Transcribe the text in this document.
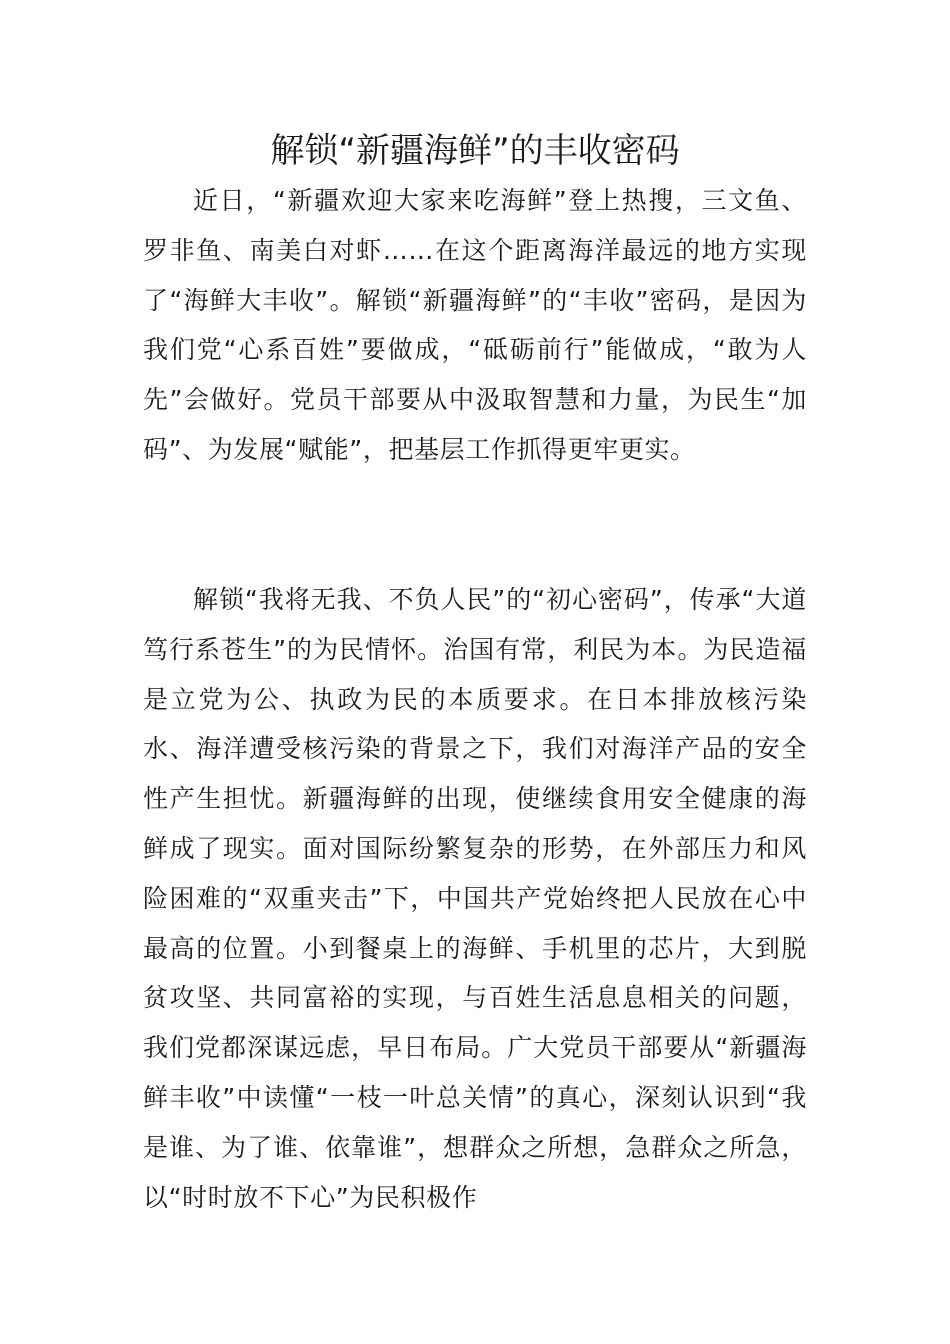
解锁“新疆海鲜”的丰收密码

近日，“新疆欢迎大家来吃海鲜”登上热搜，三文鱼、罗非鱼、南美白对虾……在这个距离海洋最远的地方实现了“海鲜大丰收”。解锁“新疆海鲜”的“丰收”密码，是因为我们党“心系百姓”要做成，“砥砺前行”能做成，“敢为人先”会做好。党员干部要从中汲取智慧和力量，为民生“加码”、为发展“赋能”，把基层工作抓得更牢更实。

解锁“我将无我、不负人民”的“初心密码”，传承“大道笃行系苍生”的为民情怀。治国有常，利民为本。为民造福是立党为公、执政为民的本质要求。在日本排放核污染水、海洋遭受核污染的背景之下，我们对海洋产品的安全性产生担忧。新疆海鲜的出现，使继续食用安全健康的海鲜成了现实。面对国际纷繁复杂的形势，在外部压力和风险困难的“双重夹击”下，中国共产党始终把人民放在心中最高的位置。小到餐桌上的海鲜、手机里的芯片，大到脱贫攻坚、共同富裕的实现，与百姓生活息息相关的问题，我们党都深谋远虑，早日布局。广大党员干部要从“新疆海鲜丰收”中读懂“一枝一叶总关情”的真心，深刻认识到“我是谁、为了谁、依靠谁”，想群众之所想，急群众之所急，以“时时放不下心”为民积极作
